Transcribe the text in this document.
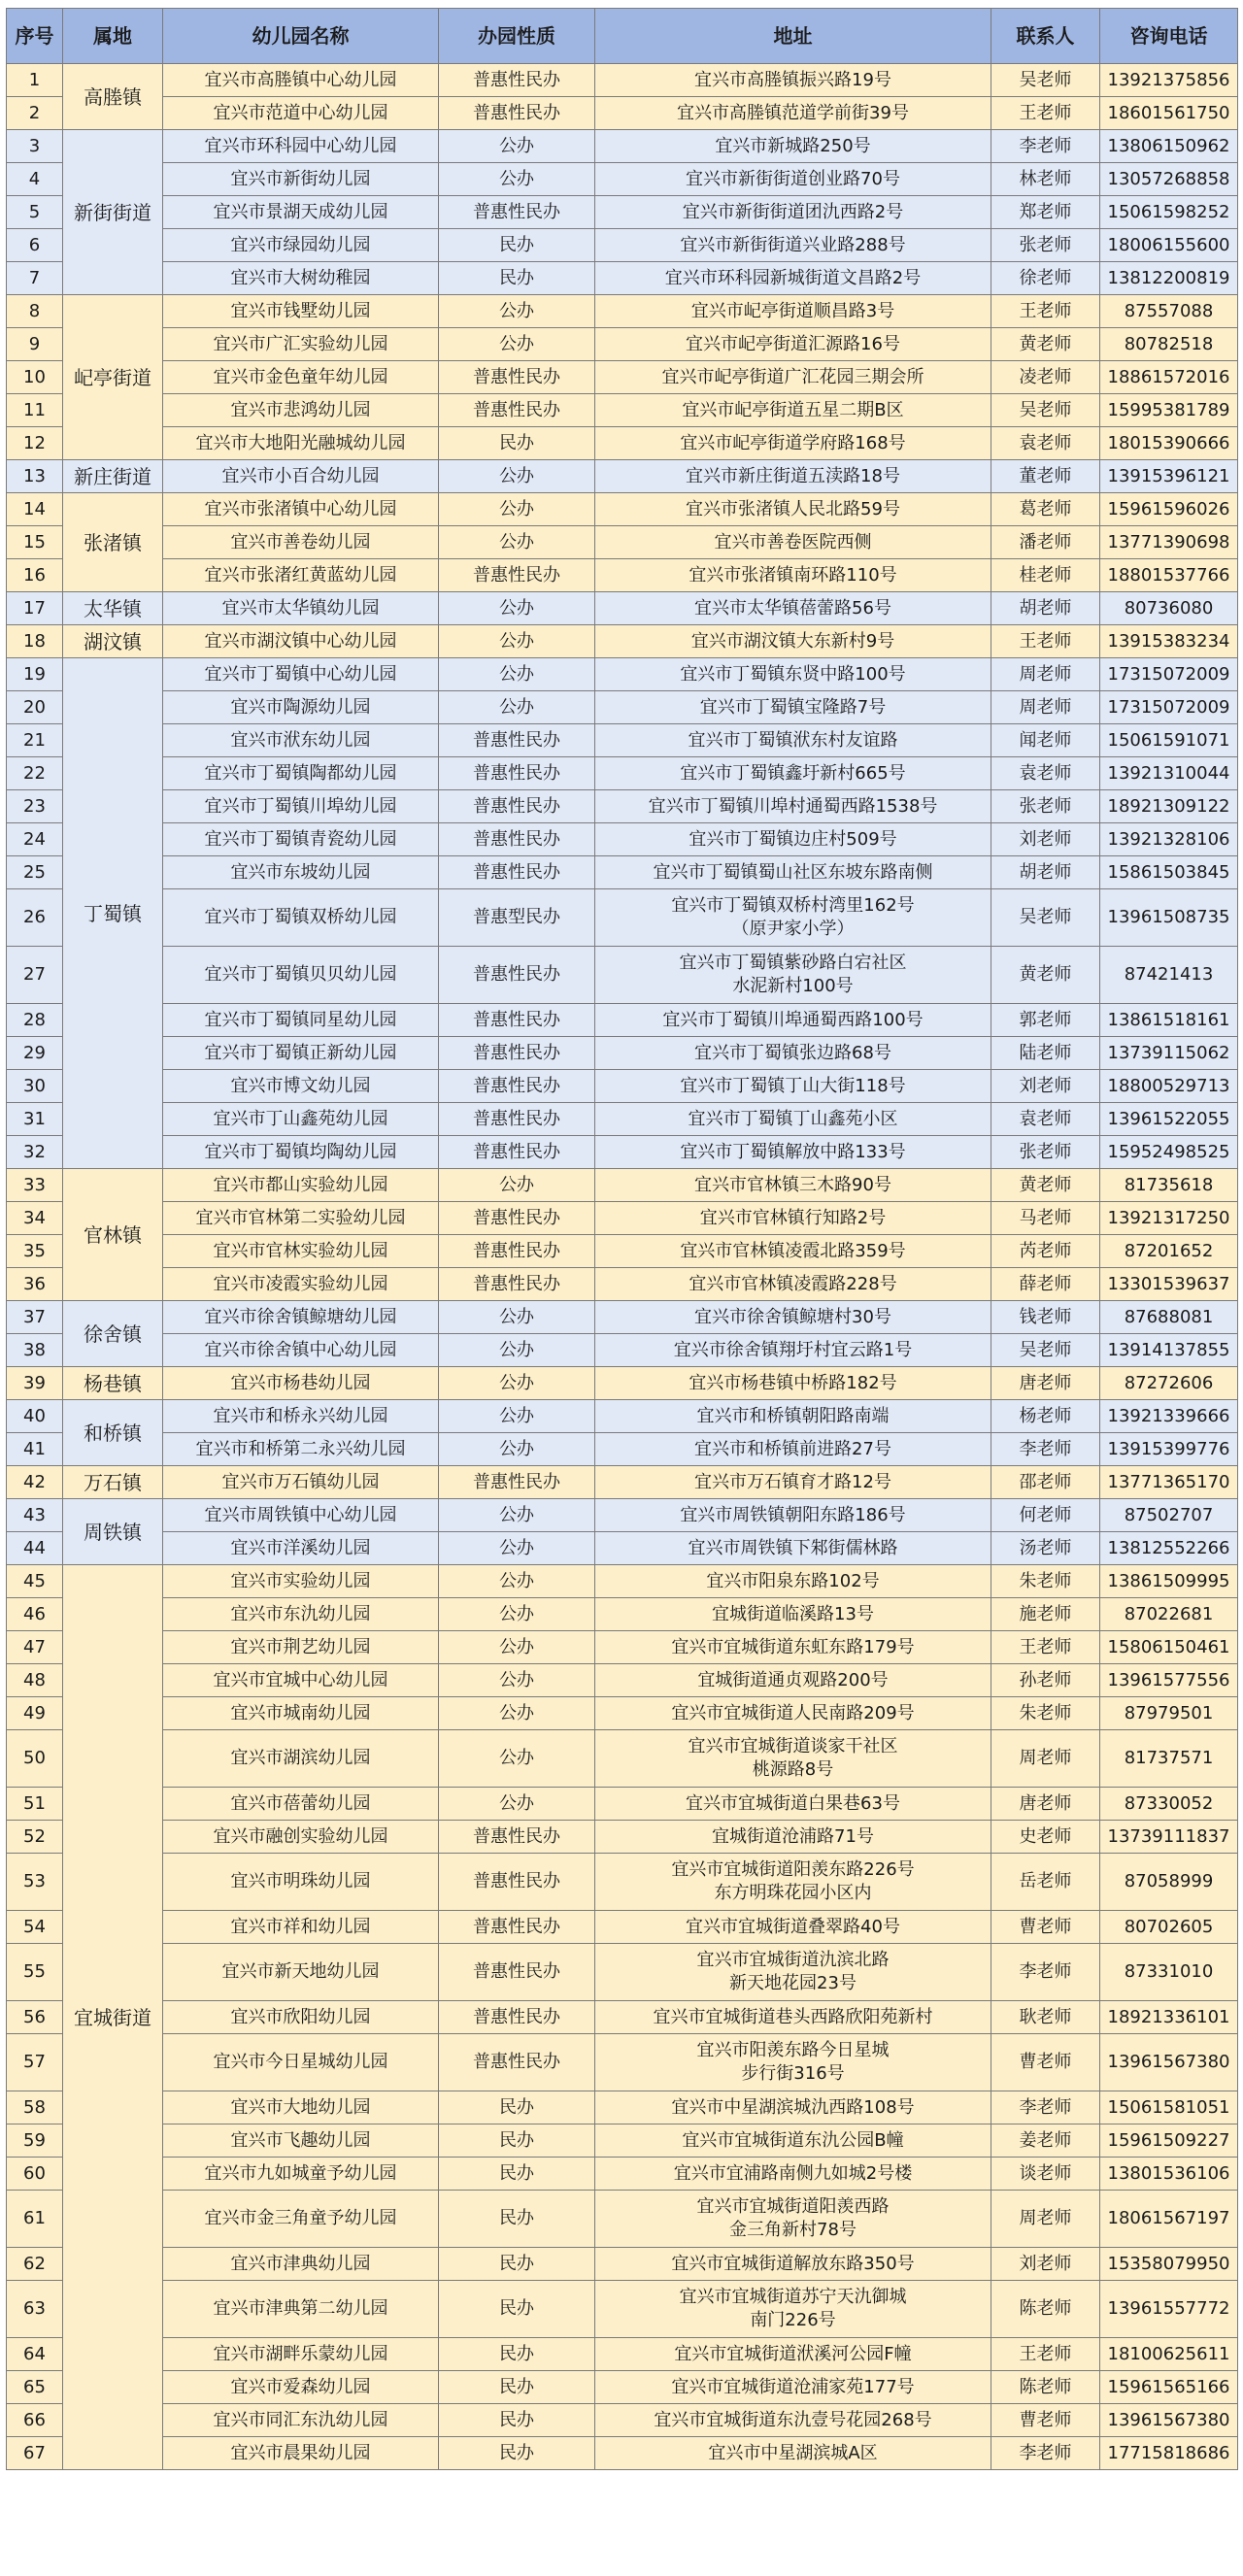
序号	属地	幼儿园名称	办园性质	地址	联系人	咨询电话
1	高塍镇	宜兴市高塍镇中心幼儿园	普惠性民办	宜兴市高塍镇振兴路19号	吴老师	13921375856
2		宜兴市范道中心幼儿园	普惠性民办	宜兴市高塍镇范道学前街39号	王老师	18601561750
3	新街街道	宜兴市环科园中心幼儿园	公办	宜兴市新城路250号	李老师	13806150962
4		宜兴市新街幼儿园	公办	宜兴市新街街道创业路70号	林老师	13057268858
5		宜兴市景湖天成幼儿园	普惠性民办	宜兴市新街街道团氿西路2号	郑老师	15061598252
6		宜兴市绿园幼儿园	民办	宜兴市新街街道兴业路288号	张老师	18006155600
7		宜兴市大树幼稚园	民办	宜兴市环科园新城街道文昌路2号	徐老师	13812200819
8	屺亭街道	宜兴市钱墅幼儿园	公办	宜兴市屺亭街道顺昌路3号	王老师	87557088
9		宜兴市广汇实验幼儿园	公办	宜兴市屺亭街道汇源路16号	黄老师	80782518
10		宜兴市金色童年幼儿园	普惠性民办	宜兴市屺亭街道广汇花园三期会所	凌老师	18861572016
11		宜兴市悲鸿幼儿园	普惠性民办	宜兴市屺亭街道五星二期B区	吴老师	15995381789
12		宜兴市大地阳光融城幼儿园	民办	宜兴市屺亭街道学府路168号	袁老师	18015390666
13	新庄街道	宜兴市小百合幼儿园	公办	宜兴市新庄街道五渎路18号	董老师	13915396121
14	张渚镇	宜兴市张渚镇中心幼儿园	公办	宜兴市张渚镇人民北路59号	葛老师	15961596026
15		宜兴市善卷幼儿园	公办	宜兴市善卷医院西侧	潘老师	13771390698
16		宜兴市张渚红黄蓝幼儿园	普惠性民办	宜兴市张渚镇南环路110号	桂老师	18801537766
17	太华镇	宜兴市太华镇幼儿园	公办	宜兴市太华镇蓓蕾路56号	胡老师	80736080
18	湖汶镇	宜兴市湖汶镇中心幼儿园	公办	宜兴市湖汶镇大东新村9号	王老师	13915383234
19	丁蜀镇	宜兴市丁蜀镇中心幼儿园	公办	宜兴市丁蜀镇东贤中路100号	周老师	17315072009
20		宜兴市陶源幼儿园	公办	宜兴市丁蜀镇宝隆路7号	周老师	17315072009
21		宜兴市洑东幼儿园	普惠性民办	宜兴市丁蜀镇洑东村友谊路	闻老师	15061591071
22		宜兴市丁蜀镇陶都幼儿园	普惠性民办	宜兴市丁蜀镇鑫圩新村665号	袁老师	13921310044
23		宜兴市丁蜀镇川埠幼儿园	普惠性民办	宜兴市丁蜀镇川埠村通蜀西路1538号	张老师	18921309122
24		宜兴市丁蜀镇青瓷幼儿园	普惠性民办	宜兴市丁蜀镇边庄村509号	刘老师	13921328106
25		宜兴市东坡幼儿园	普惠性民办	宜兴市丁蜀镇蜀山社区东坡东路南侧	胡老师	15861503845
26		宜兴市丁蜀镇双桥幼儿园	普惠型民办	宜兴市丁蜀镇双桥村湾里162号
（原尹家小学）	吴老师	13961508735
27		宜兴市丁蜀镇贝贝幼儿园	普惠性民办	宜兴市丁蜀镇紫砂路白宕社区
水泥新村100号	黄老师	87421413
28		宜兴市丁蜀镇同星幼儿园	普惠性民办	宜兴市丁蜀镇川埠通蜀西路100号	郭老师	13861518161
29		宜兴市丁蜀镇正新幼儿园	普惠性民办	宜兴市丁蜀镇张边路68号	陆老师	13739115062
30		宜兴市博文幼儿园	普惠性民办	宜兴市丁蜀镇丁山大街118号	刘老师	18800529713
31		宜兴市丁山鑫苑幼儿园	普惠性民办	宜兴市丁蜀镇丁山鑫苑小区	袁老师	13961522055
32		宜兴市丁蜀镇均陶幼儿园	普惠性民办	宜兴市丁蜀镇解放中路133号	张老师	15952498525
33	官林镇	宜兴市都山实验幼儿园	公办	宜兴市官林镇三木路90号	黄老师	81735618
34		宜兴市官林第二实验幼儿园	普惠性民办	宜兴市官林镇行知路2号	马老师	13921317250
35		宜兴市官林实验幼儿园	普惠性民办	宜兴市官林镇凌霞北路359号	芮老师	87201652
36		宜兴市凌霞实验幼儿园	普惠性民办	宜兴市官林镇凌霞路228号	薛老师	13301539637
37	徐舍镇	宜兴市徐舍镇鲸塘幼儿园	公办	宜兴市徐舍镇鲸塘村30号	钱老师	87688081
38		宜兴市徐舍镇中心幼儿园	公办	宜兴市徐舍镇翔圩村宜云路1号	吴老师	13914137855
39	杨巷镇	宜兴市杨巷幼儿园	公办	宜兴市杨巷镇中桥路182号	唐老师	87272606
40	和桥镇	宜兴市和桥永兴幼儿园	公办	宜兴市和桥镇朝阳路南端	杨老师	13921339666
41		宜兴市和桥第二永兴幼儿园	公办	宜兴市和桥镇前进路27号	李老师	13915399776
42	万石镇	宜兴市万石镇幼儿园	普惠性民办	宜兴市万石镇育才路12号	邵老师	13771365170
43	周铁镇	宜兴市周铁镇中心幼儿园	公办	宜兴市周铁镇朝阳东路186号	何老师	87502707
44		宜兴市洋溪幼儿园	公办	宜兴市周铁镇下邾街儒林路	汤老师	13812552266
45	宜城街道	宜兴市实验幼儿园	公办	宜兴市阳泉东路102号	朱老师	13861509995
46		宜兴市东氿幼儿园	公办	宜城街道临溪路13号	施老师	87022681
47		宜兴市荆艺幼儿园	公办	宜兴市宜城街道东虹东路179号	王老师	15806150461
48		宜兴市宜城中心幼儿园	公办	宜城街道通贞观路200号	孙老师	13961577556
49		宜兴市城南幼儿园	公办	宜兴市宜城街道人民南路209号	朱老师	87979501
50		宜兴市湖滨幼儿园	公办	宜兴市宜城街道谈家干社区
桃源路8号	周老师	81737571
51		宜兴市蓓蕾幼儿园	公办	宜兴市宜城街道白果巷63号	唐老师	87330052
52		宜兴市融创实验幼儿园	普惠性民办	宜城街道沧浦路71号	史老师	13739111837
53		宜兴市明珠幼儿园	普惠性民办	宜兴市宜城街道阳羡东路226号
东方明珠花园小区内	岳老师	87058999
54		宜兴市祥和幼儿园	普惠性民办	宜兴市宜城街道叠翠路40号	曹老师	80702605
55		宜兴市新天地幼儿园	普惠性民办	宜兴市宜城街道氿滨北路
新天地花园23号	李老师	87331010
56		宜兴市欣阳幼儿园	普惠性民办	宜兴市宜城街道巷头西路欣阳苑新村	耿老师	18921336101
57		宜兴市今日星城幼儿园	普惠性民办	宜兴市阳羡东路今日星城
步行街316号	曹老师	13961567380
58		宜兴市大地幼儿园	民办	宜兴市中星湖滨城氿西路108号	李老师	15061581051
59		宜兴市飞趣幼儿园	民办	宜兴市宜城街道东氿公园B幢	姜老师	15961509227
60		宜兴市九如城童予幼儿园	民办	宜兴市宜浦路南侧九如城2号楼	谈老师	13801536106
61		宜兴市金三角童予幼儿园	民办	宜兴市宜城街道阳羡西路
金三角新村78号	周老师	18061567197
62		宜兴市津典幼儿园	民办	宜兴市宜城街道解放东路350号	刘老师	15358079950
63		宜兴市津典第二幼儿园	民办	宜兴市宜城街道苏宁天氿御城
南门226号	陈老师	13961557772
64		宜兴市湖畔乐蒙幼儿园	民办	宜兴市宜城街道洑溪河公园F幢	王老师	18100625611
65		宜兴市爱森幼儿园	民办	宜兴市宜城街道沧浦家苑177号	陈老师	15961565166
66		宜兴市同汇东氿幼儿园	民办	宜兴市宜城街道东氿壹号花园268号	曹老师	13961567380
67		宜兴市晨果幼儿园	民办	宜兴市中星湖滨城A区	李老师	17715818686
